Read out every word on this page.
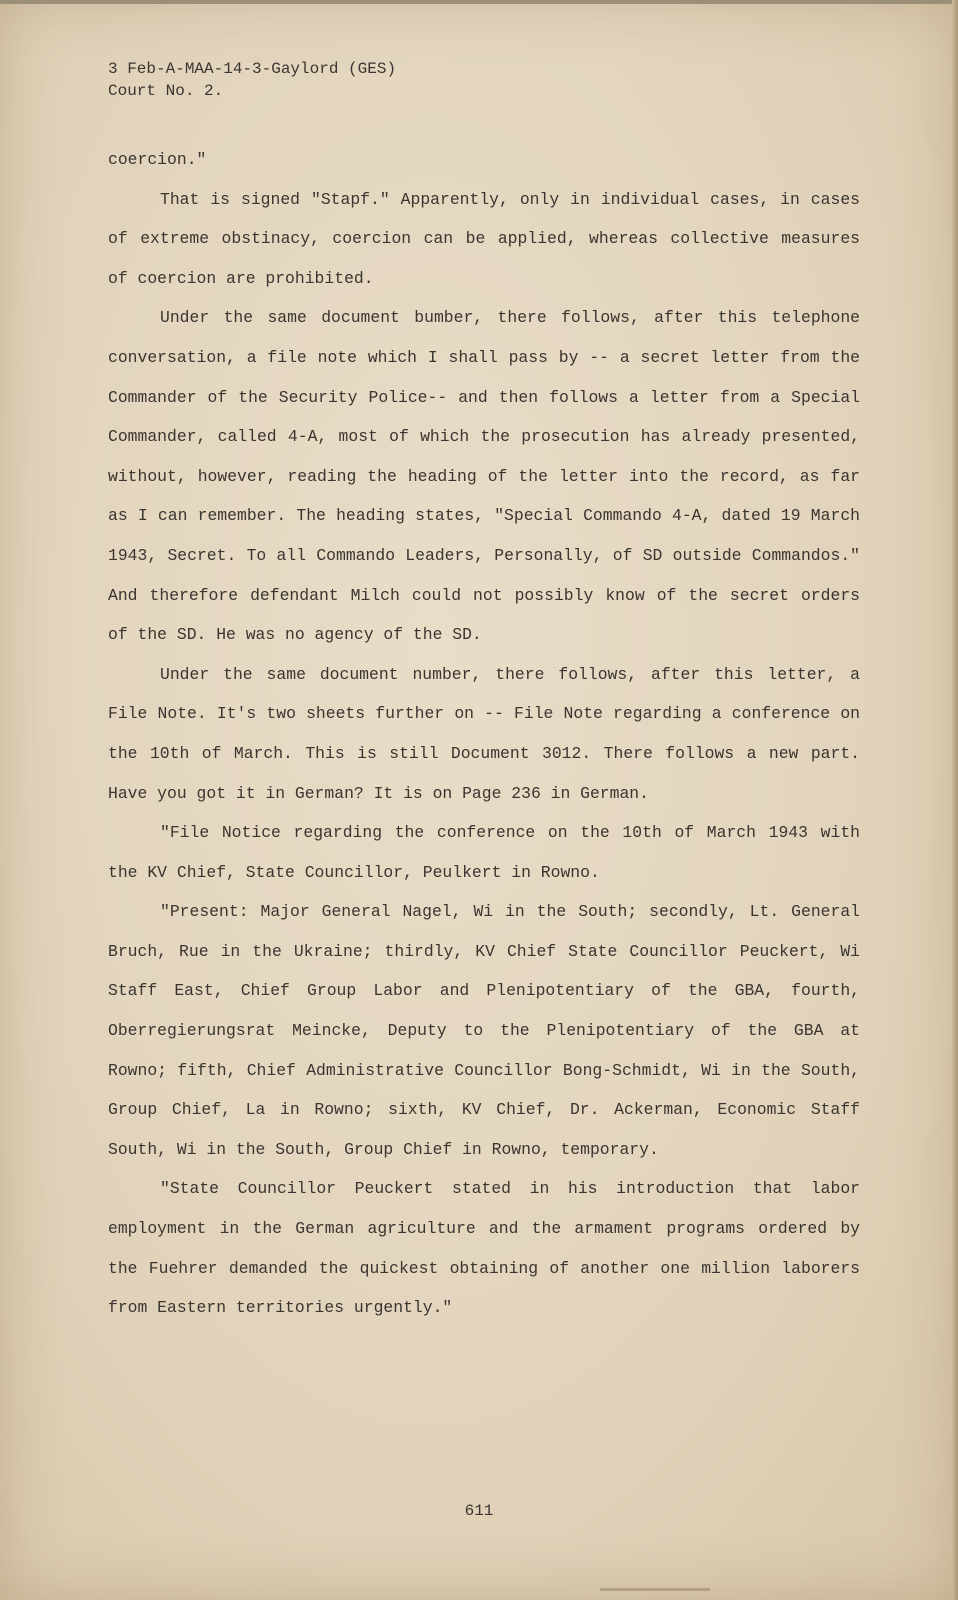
3 Feb-A-MAA-14-3-Gaylord (GES)
Court No. 2.

coercion."

That is signed "Stapf." Apparently, only in individual cases, in cases of extreme obstinacy, coercion can be applied, whereas collective measures of coercion are prohibited.

Under the same document bumber, there follows, after this telephone conversation, a file note which I shall pass by -- a secret letter from the Commander of the Security Police-- and then follows a letter from a Special Commander, called 4-A, most of which the prosecution has already presented, without, however, reading the heading of the letter into the record, as far as I can remember. The heading states, "Special Commando 4-A, dated 19 March 1943, Secret. To all Commando Leaders, Personally, of SD outside Commandos." And therefore defendant Milch could not possibly know of the secret orders of the SD. He was no agency of the SD.

Under the same document number, there follows, after this letter, a File Note. It's two sheets further on -- File Note regarding a conference on the 10th of March. This is still Document 3012. There follows a new part. Have you got it in German? It is on Page 236 in German.

"File Notice regarding the conference on the 10th of March 1943 with the KV Chief, State Councillor, Peulkert in Rowno.

"Present: Major General Nagel, Wi in the South; secondly, Lt. General Bruch, Rue in the Ukraine; thirdly, KV Chief State Councillor Peuckert, Wi Staff East, Chief Group Labor and Plenipotentiary of the GBA, fourth, Oberregierungsrat Meincke, Deputy to the Plenipotentiary of the GBA at Rowno; fifth, Chief Administrative Councillor Bong-Schmidt, Wi in the South, Group Chief, La in Rowno; sixth, KV Chief, Dr. Ackerman, Economic Staff South, Wi in the South, Group Chief in Rowno, temporary.

"State Councillor Peuckert stated in his introduction that labor employment in the German agriculture and the armament programs ordered by the Fuehrer demanded the quickest obtaining of another one million laborers from Eastern territories urgently."

611
